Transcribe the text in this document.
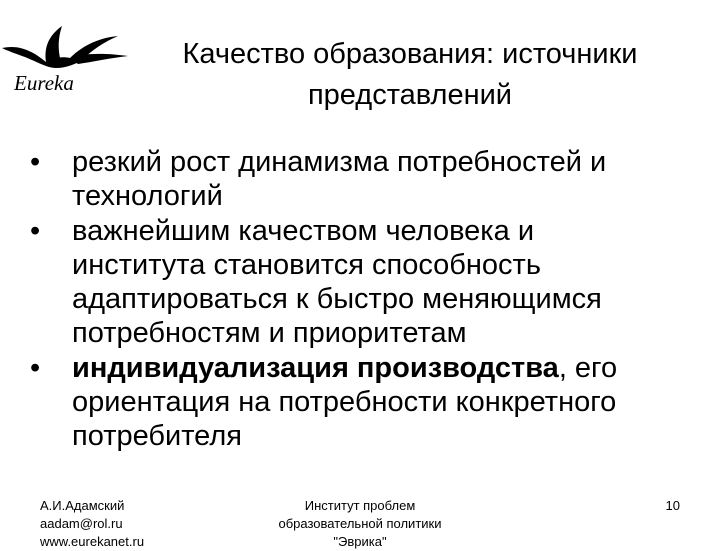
Eureka
Качество образования: источники
представлений
• резкий рост динамизма потребностей и
технологий
• важнейшим качеством человека и
института становится способность
адаптироваться к быстро меняющимся
потребностям и приоритетам
• индивидуализация производства, его
ориентация на потребности конкретного
потребителя
А.И.Адамский
aadam@rol.ru
www.eurekanet.ru
Институт проблем
образовательной политики
"Эврика"
10
